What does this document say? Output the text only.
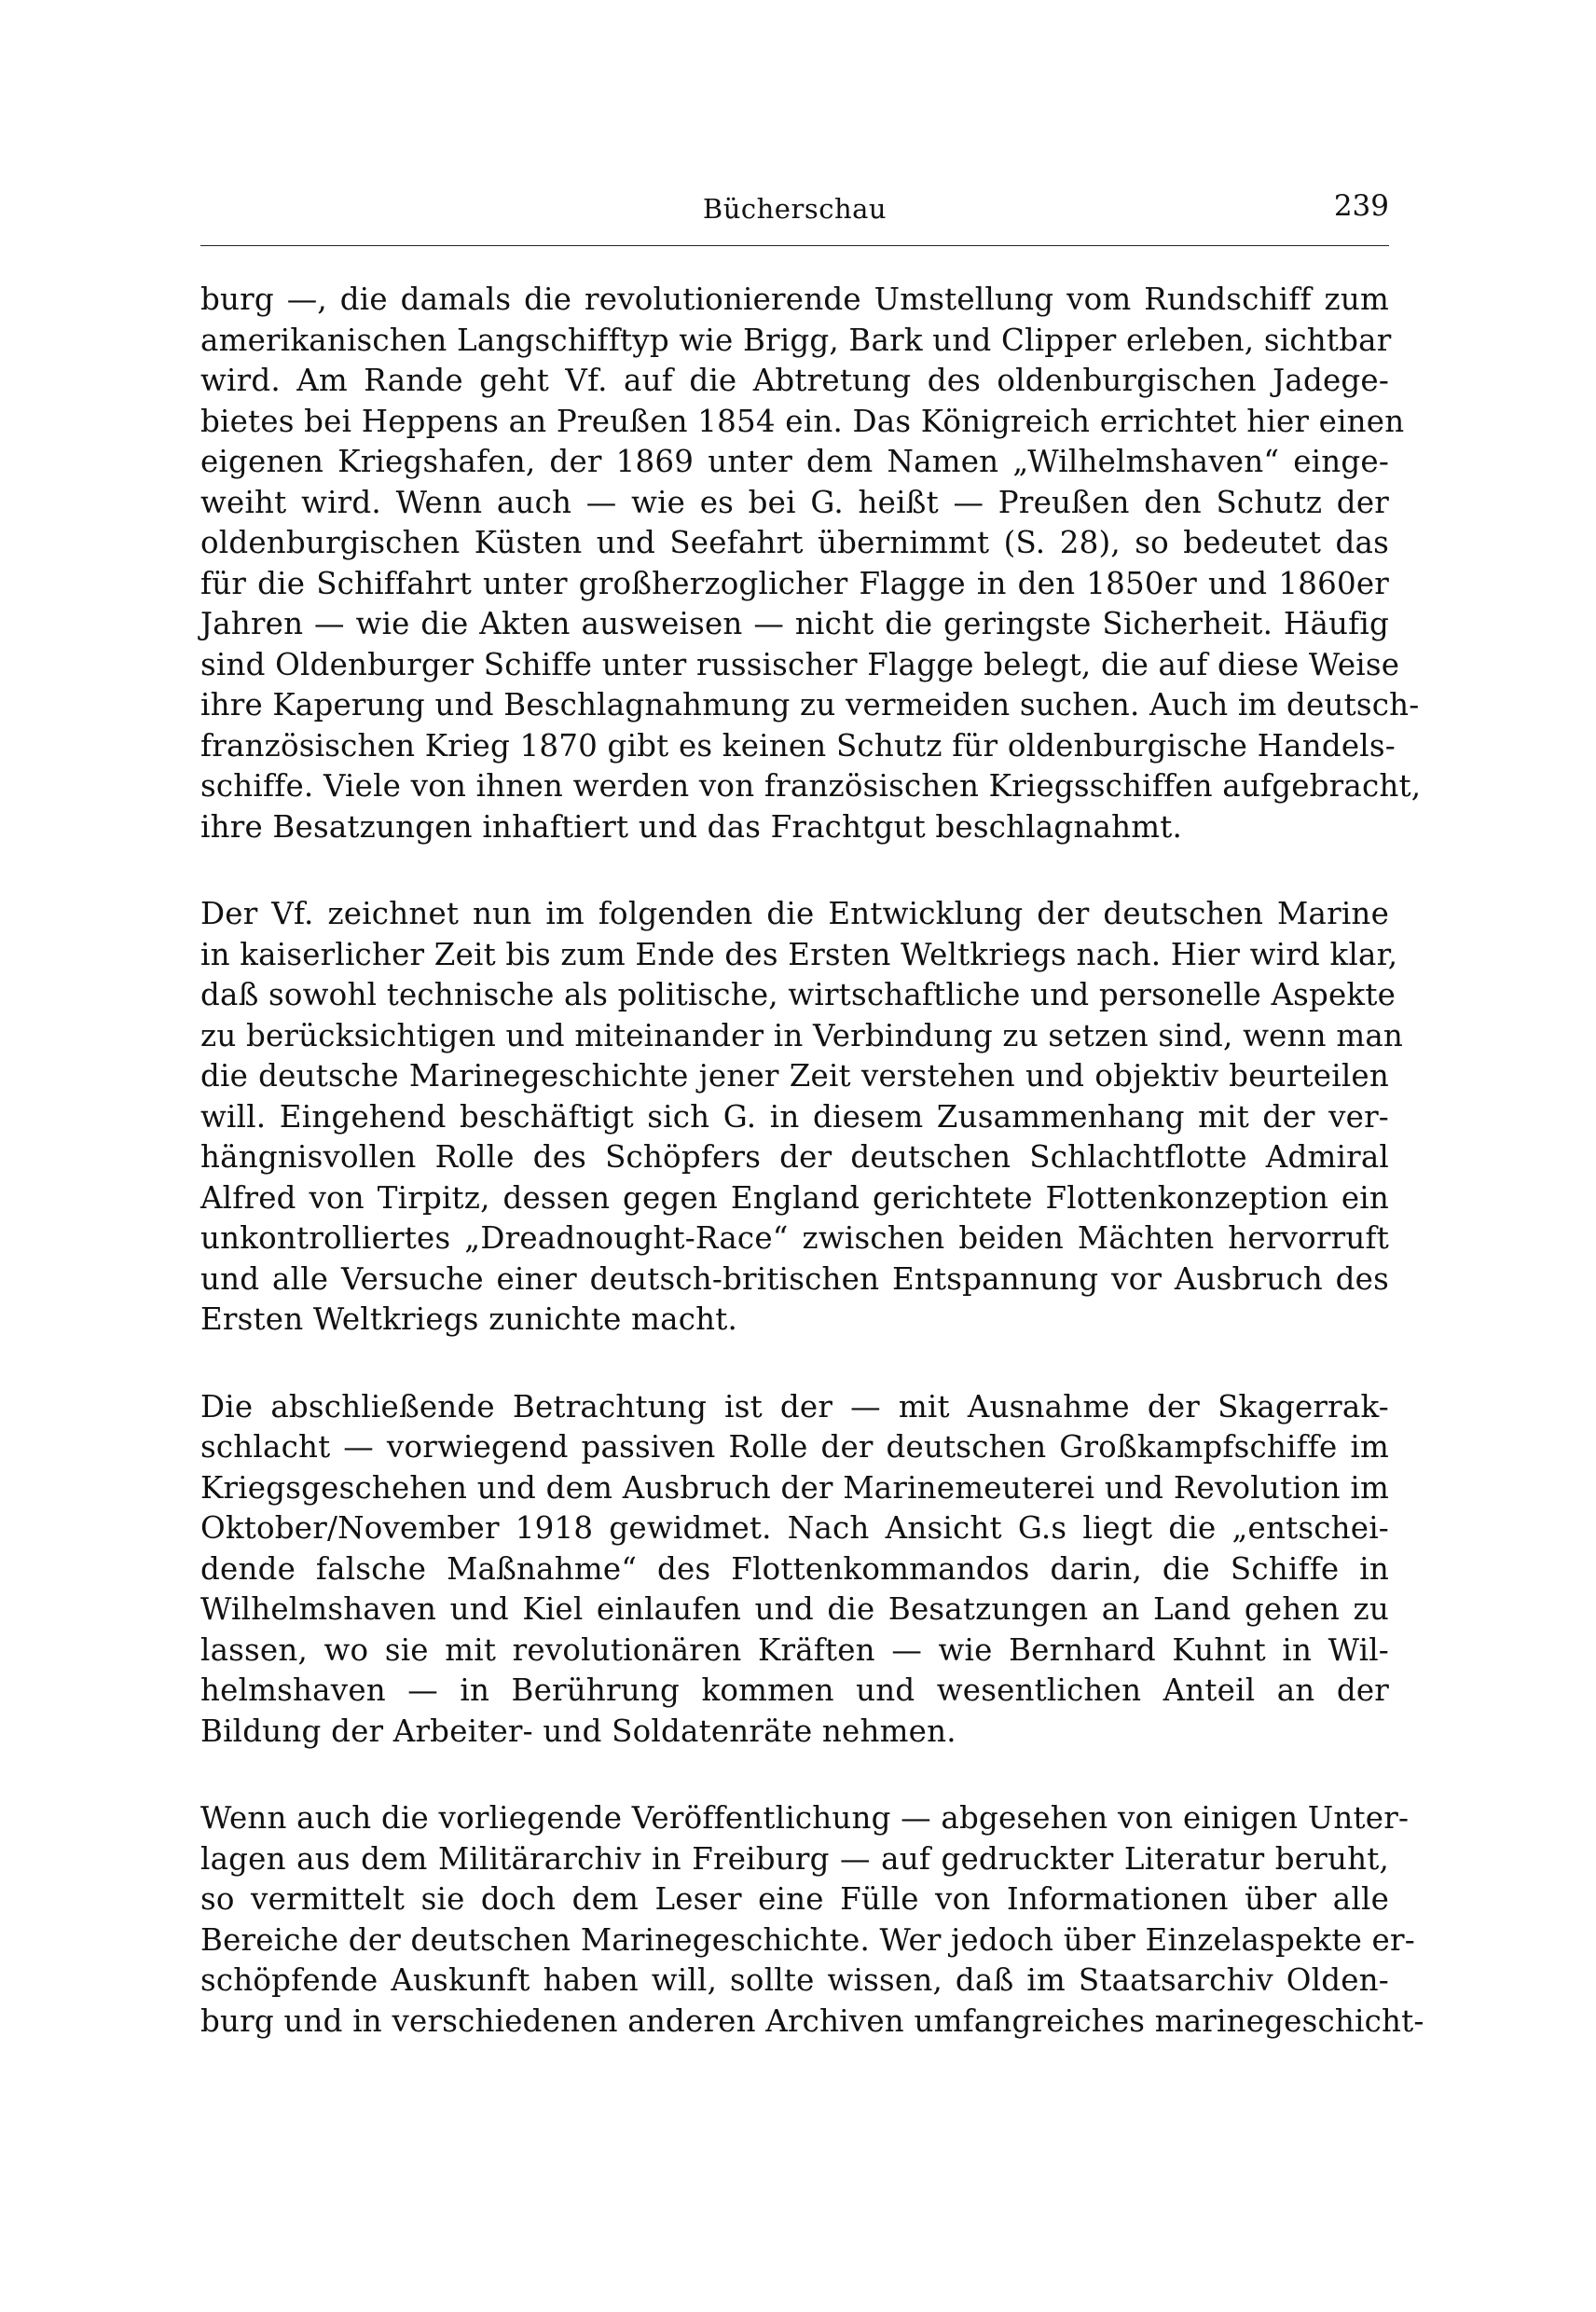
Bücherschau	239

burg —, die damals die revolutionierende Umstellung vom Rundschiff zum
amerikanischen Langschifftyp wie Brigg, Bark und Clipper erleben, sichtbar
wird. Am Rande geht Vf. auf die Abtretung des oldenburgischen Jadege-
bietes bei Heppens an Preußen 1854 ein. Das Königreich errichtet hier einen
eigenen Kriegshafen, der 1869 unter dem Namen „Wilhelmshaven“ einge-
weiht wird. Wenn auch — wie es bei G. heißt — Preußen den Schutz der
oldenburgischen Küsten und Seefahrt übernimmt (S. 28), so bedeutet das
für die Schiffahrt unter großherzoglicher Flagge in den 1850er und 1860er
Jahren — wie die Akten ausweisen — nicht die geringste Sicherheit. Häufig
sind Oldenburger Schiffe unter russischer Flagge belegt, die auf diese Weise
ihre Kaperung und Beschlagnahmung zu vermeiden suchen. Auch im deutsch-
französischen Krieg 1870 gibt es keinen Schutz für oldenburgische Handels-
schiffe. Viele von ihnen werden von französischen Kriegsschiffen aufgebracht,
ihre Besatzungen inhaftiert und das Frachtgut beschlagnahmt.

Der Vf. zeichnet nun im folgenden die Entwicklung der deutschen Marine
in kaiserlicher Zeit bis zum Ende des Ersten Weltkriegs nach. Hier wird klar,
daß sowohl technische als politische, wirtschaftliche und personelle Aspekte
zu berücksichtigen und miteinander in Verbindung zu setzen sind, wenn man
die deutsche Marinegeschichte jener Zeit verstehen und objektiv beurteilen
will. Eingehend beschäftigt sich G. in diesem Zusammenhang mit der ver-
hängnisvollen Rolle des Schöpfers der deutschen Schlachtflotte Admiral
Alfred von Tirpitz, dessen gegen England gerichtete Flottenkonzeption ein
unkontrolliertes „Dreadnought-Race“ zwischen beiden Mächten hervorruft
und alle Versuche einer deutsch-britischen Entspannung vor Ausbruch des
Ersten Weltkriegs zunichte macht.

Die abschließende Betrachtung ist der — mit Ausnahme der Skagerrak-
schlacht — vorwiegend passiven Rolle der deutschen Großkampfschiffe im
Kriegsgeschehen und dem Ausbruch der Marinemeuterei und Revolution im
Oktober/November 1918 gewidmet. Nach Ansicht G.s liegt die „entschei-
dende falsche Maßnahme“ des Flottenkommandos darin, die Schiffe in
Wilhelmshaven und Kiel einlaufen und die Besatzungen an Land gehen zu
lassen, wo sie mit revolutionären Kräften — wie Bernhard Kuhnt in Wil-
helmshaven — in Berührung kommen und wesentlichen Anteil an der
Bildung der Arbeiter- und Soldatenräte nehmen.

Wenn auch die vorliegende Veröffentlichung — abgesehen von einigen Unter-
lagen aus dem Militärarchiv in Freiburg — auf gedruckter Literatur beruht,
so vermittelt sie doch dem Leser eine Fülle von Informationen über alle
Bereiche der deutschen Marinegeschichte. Wer jedoch über Einzelaspekte er-
schöpfende Auskunft haben will, sollte wissen, daß im Staatsarchiv Olden-
burg und in verschiedenen anderen Archiven umfangreiches marinegeschicht-
